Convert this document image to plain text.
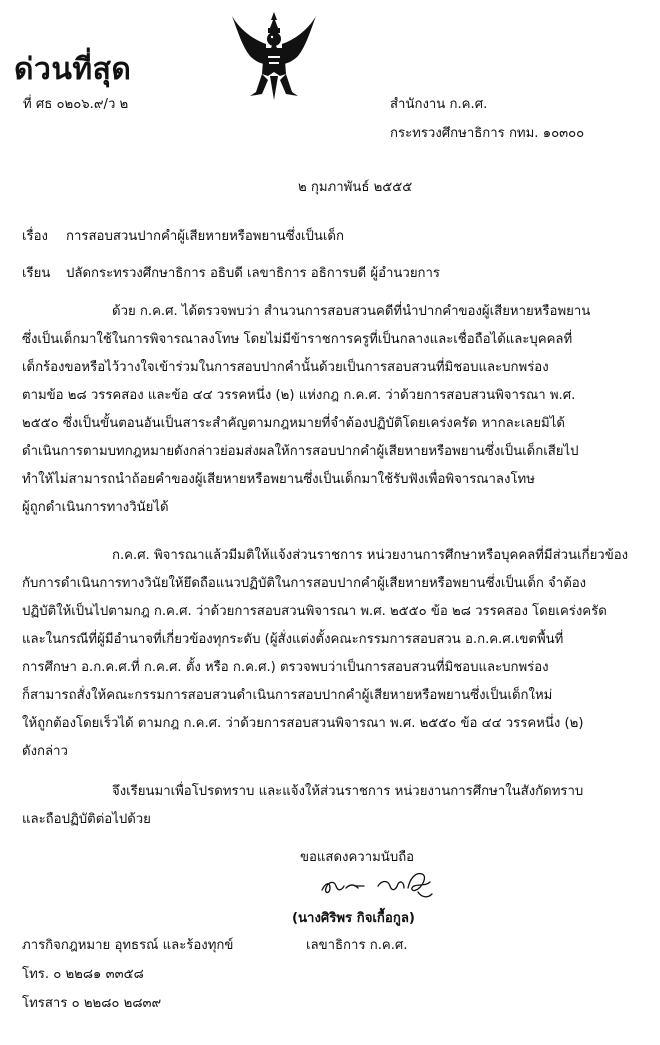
ด่วนที่สุด
ที่ ศธ ๐๒๐๖.๙/ว ๒	สำนักงาน ก.ค.ศ.
กระทรวงศึกษาธิการ กทม. ๑๐๓๐๐
๒ กุมภาพันธ์ ๒๕๕๕
เรื่อง การสอบสวนปากคำผู้เสียหายหรือพยานซึ่งเป็นเด็ก
เรียน ปลัดกระทรวงศึกษาธิการ อธิบดี เลขาธิการ อธิการบดี ผู้อำนวยการ
ด้วย ก.ค.ศ. ได้ตรวจพบว่า สำนวนการสอบสวนคดีที่นำปากคำของผู้เสียหายหรือพยาน
ซึ่งเป็นเด็กมาใช้ในการพิจารณาลงโทษ โดยไม่มีข้าราชการครูที่เป็นกลางและเชื่อถือได้และบุคคลที่
เด็กร้องขอหรือไว้วางใจเข้าร่วมในการสอบปากคำนั้นด้วยเป็นการสอบสวนที่มิชอบและบกพร่อง
ตามข้อ ๒๘ วรรคสอง และข้อ ๔๔ วรรคหนึ่ง (๒) แห่งกฎ ก.ค.ศ. ว่าด้วยการสอบสวนพิจารณา พ.ศ.
๒๕๕๐ ซึ่งเป็นขั้นตอนอันเป็นสาระสำคัญตามกฎหมายที่จำต้องปฏิบัติโดยเคร่งครัด หากละเลยมิได้
ดำเนินการตามบทกฎหมายดังกล่าวย่อมส่งผลให้การสอบปากคำผู้เสียหายหรือพยานซึ่งเป็นเด็กเสียไป
ทำให้ไม่สามารถนำถ้อยคำของผู้เสียหายหรือพยานซึ่งเป็นเด็กมาใช้รับฟังเพื่อพิจารณาลงโทษ
ผู้ถูกดำเนินการทางวินัยได้
ก.ค.ศ. พิจารณาแล้วมีมติให้แจ้งส่วนราชการ หน่วยงานการศึกษาหรือบุคคลที่มีส่วนเกี่ยวข้อง
กับการดำเนินการทางวินัยให้ยึดถือแนวปฏิบัติในการสอบปากคำผู้เสียหายหรือพยานซึ่งเป็นเด็ก จำต้อง
ปฏิบัติให้เป็นไปตามกฎ ก.ค.ศ. ว่าด้วยการสอบสวนพิจารณา พ.ศ. ๒๕๕๐ ข้อ ๒๘ วรรคสอง โดยเคร่งครัด
และในกรณีที่ผู้มีอำนาจที่เกี่ยวข้องทุกระดับ (ผู้สั่งแต่งตั้งคณะกรรมการสอบสวน อ.ก.ค.ศ.เขตพื้นที่
การศึกษา อ.ก.ค.ศ.ที่ ก.ค.ศ. ตั้ง หรือ ก.ค.ศ.) ตรวจพบว่าเป็นการสอบสวนที่มิชอบและบกพร่อง
ก็สามารถสั่งให้คณะกรรมการสอบสวนดำเนินการสอบปากคำผู้เสียหายหรือพยานซึ่งเป็นเด็กใหม่
ให้ถูกต้องโดยเร็วได้ ตามกฎ ก.ค.ศ. ว่าด้วยการสอบสวนพิจารณา พ.ศ. ๒๕๕๐ ข้อ ๔๔ วรรคหนึ่ง (๒)
ดังกล่าว
จึงเรียนมาเพื่อโปรดทราบ และแจ้งให้ส่วนราชการ หน่วยงานการศึกษาในสังกัดทราบ
และถือปฏิบัติต่อไปด้วย
ขอแสดงความนับถือ
(นางศิริพร กิจเกื้อกูล)
เลขาธิการ ก.ค.ศ.
ภารกิจกฎหมาย อุทธรณ์ และร้องทุกข์
โทร. ๐ ๒๒๘๑ ๓๓๕๘
โทรสาร ๐ ๒๒๘๐ ๒๘๓๙
